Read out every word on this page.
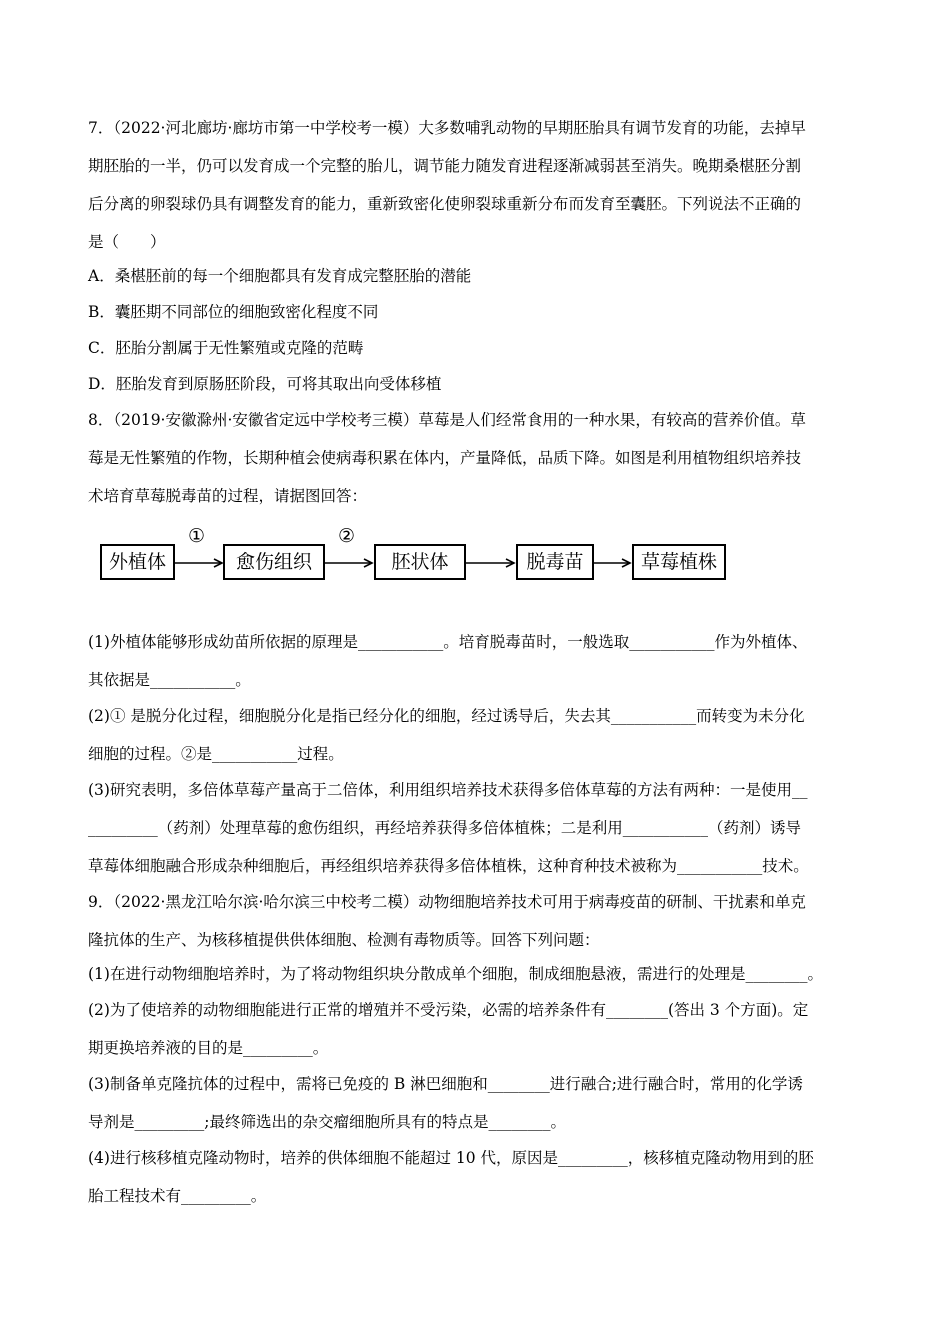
7．（2022·河北廊坊·廊坊市第一中学校考一模）大多数哺乳动物的早期胚胎具有调节发育的功能，去掉早
期胚胎的一半，仍可以发育成一个完整的胎儿，调节能力随发育进程逐渐减弱甚至消失。晚期桑椹胚分割
后分离的卵裂球仍具有调整发育的能力，重新致密化使卵裂球重新分布而发育至囊胚。下列说法不正确的
是（　　）
A．桑椹胚前的每一个细胞都具有发育成完整胚胎的潜能
B．囊胚期不同部位的细胞致密化程度不同
C．胚胎分割属于无性繁殖或克隆的范畴
D．胚胎发育到原肠胚阶段，可将其取出向受体移植
8．（2019·安徽滁州·安徽省定远中学校考三模）草莓是人们经常食用的一种水果，有较高的营养价值。草
莓是无性繁殖的作物，长期种植会使病毒积累在体内，产量降低，品质下降。如图是利用植物组织培养技
术培育草莓脱毒苗的过程，请据图回答：
①	②
外植体	愈伤组织	胚状体	脱毒苗	草莓植株
(1)外植体能够形成幼苗所依据的原理是___________。培育脱毒苗时，一般选取___________作为外植体、
其依据是___________。
(2)① 是脱分化过程，细胞脱分化是指已经分化的细胞，经过诱导后，失去其___________而转变为未分化
细胞的过程。②是___________过程。
(3)研究表明，多倍体草莓产量高于二倍体，利用组织培养技术获得多倍体草莓的方法有两种：一是使用__
_________（药剂）处理草莓的愈伤组织，再经培养获得多倍体植株；二是利用___________（药剂）诱导
草莓体细胞融合形成杂种细胞后，再经组织培养获得多倍体植株，这种育种技术被称为___________技术。
9．（2022·黑龙江哈尔滨·哈尔滨三中校考二模）动物细胞培养技术可用于病毒疫苗的研制、干扰素和单克
隆抗体的生产、为核移植提供供体细胞、检测有毒物质等。回答下列问题：
(1)在进行动物细胞培养时，为了将动物组织块分散成单个细胞，制成细胞悬液，需进行的处理是________。
(2)为了使培养的动物细胞能进行正常的增殖并不受污染，必需的培养条件有________(答出 3 个方面)。定
期更换培养液的目的是_________。
(3)制备单克隆抗体的过程中，需将已免疫的 B 淋巴细胞和________进行融合;进行融合时，常用的化学诱
导剂是_________;最终筛选出的杂交瘤细胞所具有的特点是________。
(4)进行核移植克隆动物时，培养的供体细胞不能超过 10 代，原因是_________，核移植克隆动物用到的胚
胎工程技术有_________。
